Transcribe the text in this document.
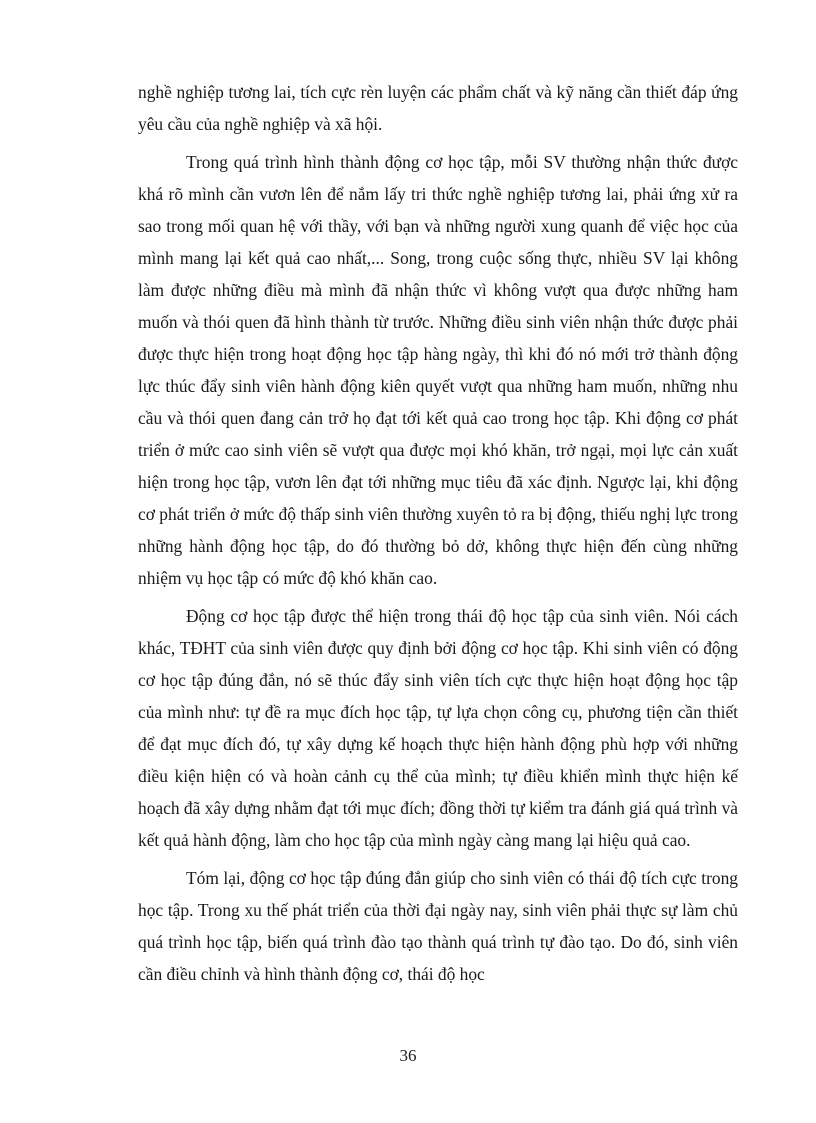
nghề nghiệp tương lai, tích cực rèn luyện các phẩm chất và kỹ năng cần thiết đáp ứng yêu cầu của nghề nghiệp và xã hội.

Trong quá trình hình thành động cơ học tập, mỗi SV thường nhận thức được khá rõ mình cần vươn lên để nắm lấy tri thức nghề nghiệp tương lai, phải ứng xử ra sao trong mối quan hệ với thầy, với bạn và những người xung quanh để việc học của mình mang lại kết quả cao nhất,... Song, trong cuộc sống thực, nhiều SV lại không làm được những điều mà mình đã nhận thức vì không vượt qua được những ham muốn và thói quen đã hình thành từ trước. Những điều sinh viên nhận thức được phải được thực hiện trong hoạt động học tập hàng ngày, thì khi đó nó mới trở thành động lực thúc đẩy sinh viên hành động kiên quyết vượt qua những ham muốn, những nhu cầu và thói quen đang cản trở họ đạt tới kết quả cao trong học tập. Khi động cơ phát triển ở mức cao sinh viên sẽ vượt qua được mọi khó khăn, trở ngại, mọi lực cản xuất hiện trong học tập, vươn lên đạt tới những mục tiêu đã xác định. Ngược lại, khi động cơ phát triển ở mức độ thấp sinh viên thường xuyên tỏ ra bị động, thiếu nghị lực trong những hành động học tập, do đó thường bỏ dở, không thực hiện đến cùng những nhiệm vụ học tập có mức độ khó khăn cao.

Động cơ học tập được thể hiện trong thái độ học tập của sinh viên. Nói cách khác, TĐHT của sinh viên được quy định bởi động cơ học tập. Khi sinh viên có động cơ học tập đúng đắn, nó sẽ thúc đẩy sinh viên tích cực thực hiện hoạt động học tập của mình như: tự đề ra mục đích học tập, tự lựa chọn công cụ, phương tiện cần thiết để đạt mục đích đó, tự xây dựng kế hoạch thực hiện hành động phù hợp với những điều kiện hiện có và hoàn cảnh cụ thể của mình; tự điều khiển mình thực hiện kế hoạch đã xây dựng nhằm đạt tới mục đích; đồng thời tự kiểm tra đánh giá quá trình và kết quả hành động, làm cho học tập của mình ngày càng mang lại hiệu quả cao.

Tóm lại, động cơ học tập đúng đắn giúp cho sinh viên có thái độ tích cực trong học tập. Trong xu thế phát triển của thời đại ngày nay, sinh viên phải thực sự làm chủ quá trình học tập, biến quá trình đào tạo thành quá trình tự đào tạo. Do đó, sinh viên cần điều chỉnh và hình thành động cơ, thái độ học

36
